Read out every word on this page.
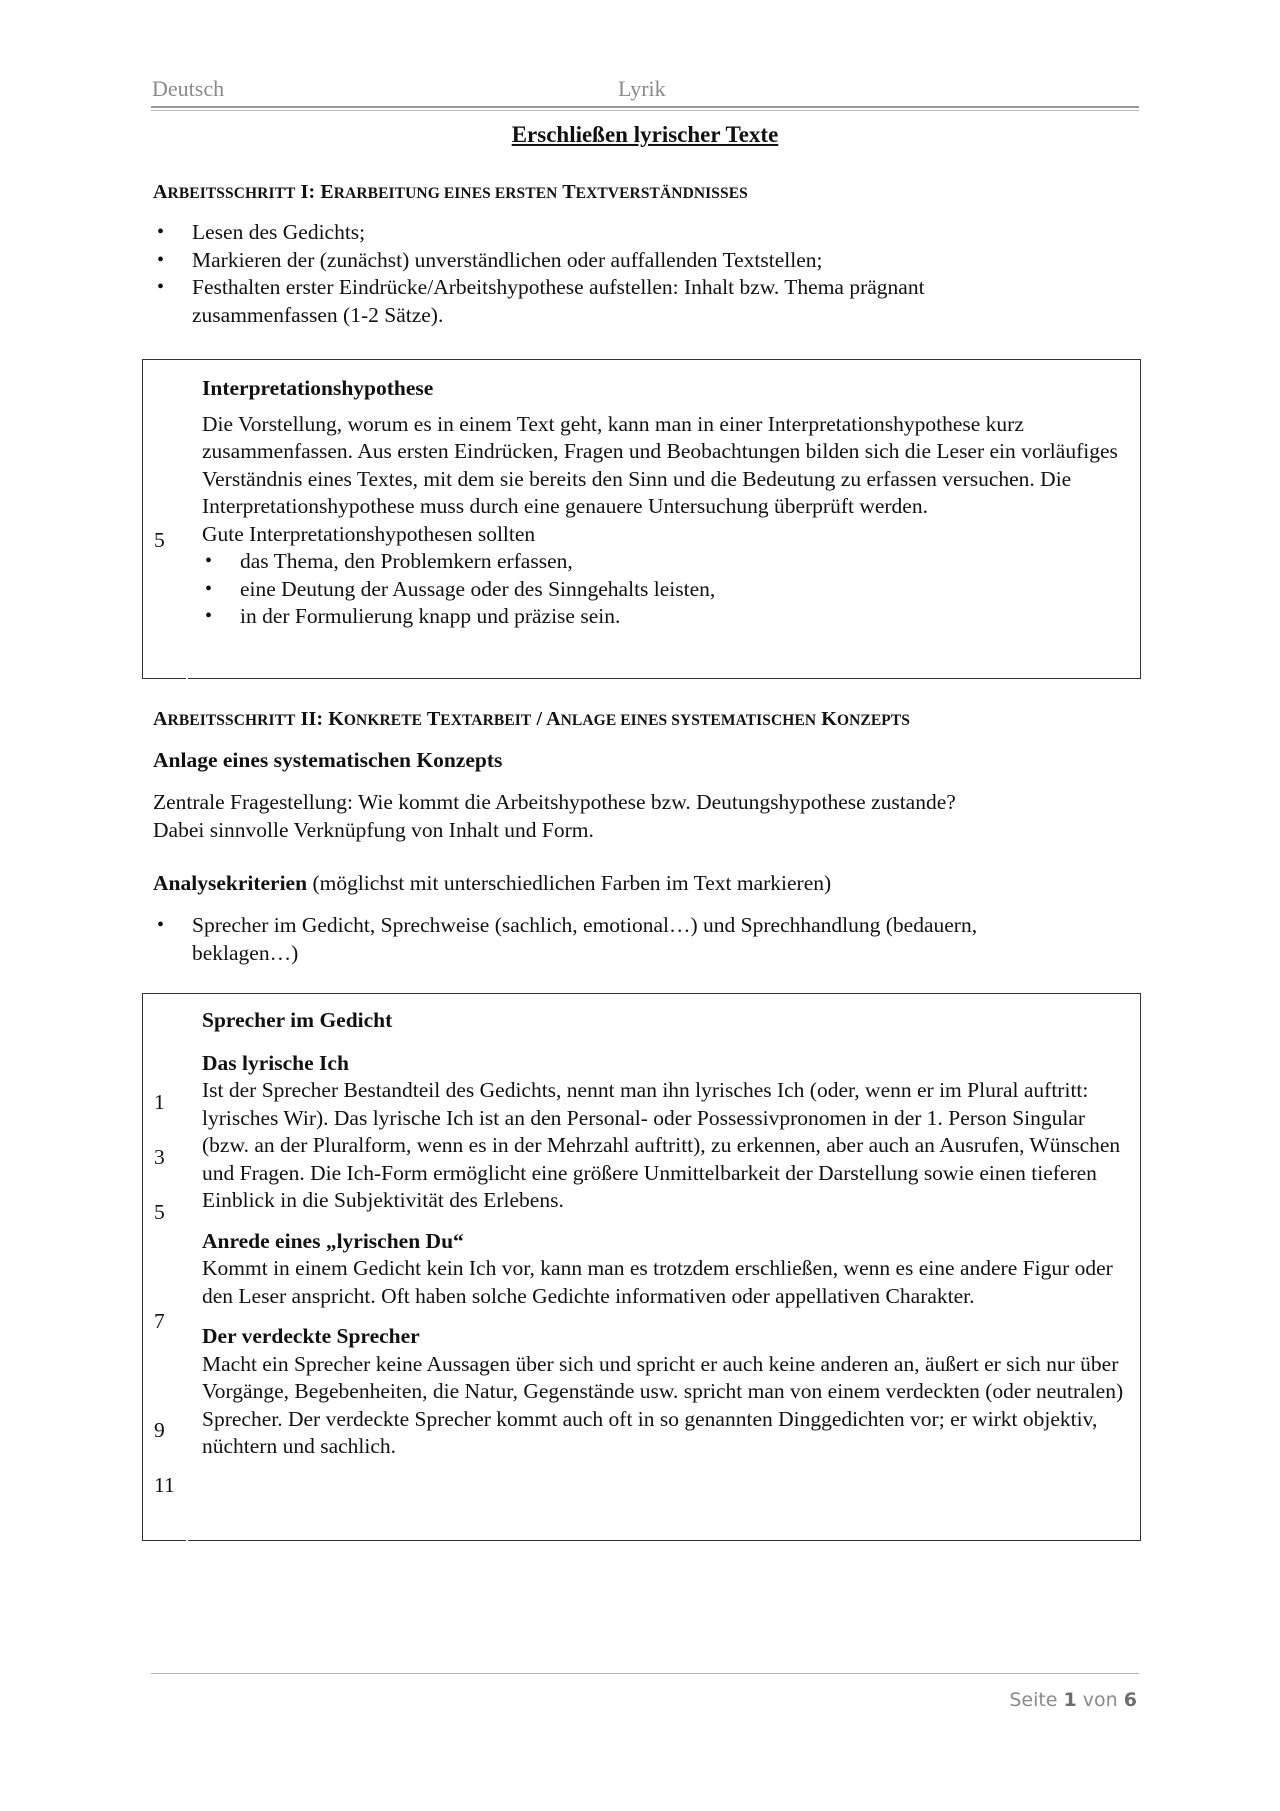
Deutsch	Lyrik
Erschließen lyrischer Texte
ARBEITSSCHRITT I: ERARBEITUNG EINES ERSTEN TEXTVERSTÄNDNISSES
• Lesen des Gedichts;
• Markieren der (zunächst) unverständlichen oder auffallenden Textstellen;
• Festhalten erster Eindrücke/Arbeitshypothese aufstellen: Inhalt bzw. Thema prägnant zusammenfassen (1-2 Sätze).
Interpretationshypothese
Die Vorstellung, worum es in einem Text geht, kann man in einer Interpretationshypothese kurz zusammenfassen. Aus ersten Eindrücken, Fragen und Beobachtungen bilden sich die Leser ein vorläufiges Verständnis eines Textes, mit dem sie bereits den Sinn und die Bedeutung zu erfassen versuchen. Die Interpretationshypothese muss durch eine genauere Untersuchung überprüft werden.
Gute Interpretationshypothesen sollten
• das Thema, den Problemkern erfassen,
• eine Deutung der Aussage oder des Sinngehalts leisten,
• in der Formulierung knapp und präzise sein.
5
ARBEITSSCHRITT II: KONKRETE TEXTARBEIT / ANLAGE EINES SYSTEMATISCHEN KONZEPTS
Anlage eines systematischen Konzepts
Zentrale Fragestellung: Wie kommt die Arbeitshypothese bzw. Deutungshypothese zustande?
Dabei sinnvolle Verknüpfung von Inhalt und Form.
Analysekriterien (möglichst mit unterschiedlichen Farben im Text markieren)
• Sprecher im Gedicht, Sprechweise (sachlich, emotional…) und Sprechhandlung (bedauern, beklagen…)
Sprecher im Gedicht
Das lyrische Ich
Ist der Sprecher Bestandteil des Gedichts, nennt man ihn lyrisches Ich (oder, wenn er im Plural auftritt: lyrisches Wir). Das lyrische Ich ist an den Personal- oder Possessivpronomen in der 1. Person Singular (bzw. an der Pluralform, wenn es in der Mehrzahl auftritt), zu erkennen, aber auch an Ausrufen, Wünschen und Fragen. Die Ich-Form ermöglicht eine größere Unmittelbarkeit der Darstellung sowie einen tieferen Einblick in die Subjektivität des Erlebens.
Anrede eines „lyrischen Du“
Kommt in einem Gedicht kein Ich vor, kann man es trotzdem erschließen, wenn es eine andere Figur oder den Leser anspricht. Oft haben solche Gedichte informativen oder appellativen Charakter.
Der verdeckte Sprecher
Macht ein Sprecher keine Aussagen über sich und spricht er auch keine anderen an, äußert er sich nur über Vorgänge, Begebenheiten, die Natur, Gegenstände usw. spricht man von einem verdeckten (oder neutralen) Sprecher. Der verdeckte Sprecher kommt auch oft in so genannten Dinggedichten vor; er wirkt objektiv, nüchtern und sachlich.
1
3
5
7
9
11
Seite 1 von 6
